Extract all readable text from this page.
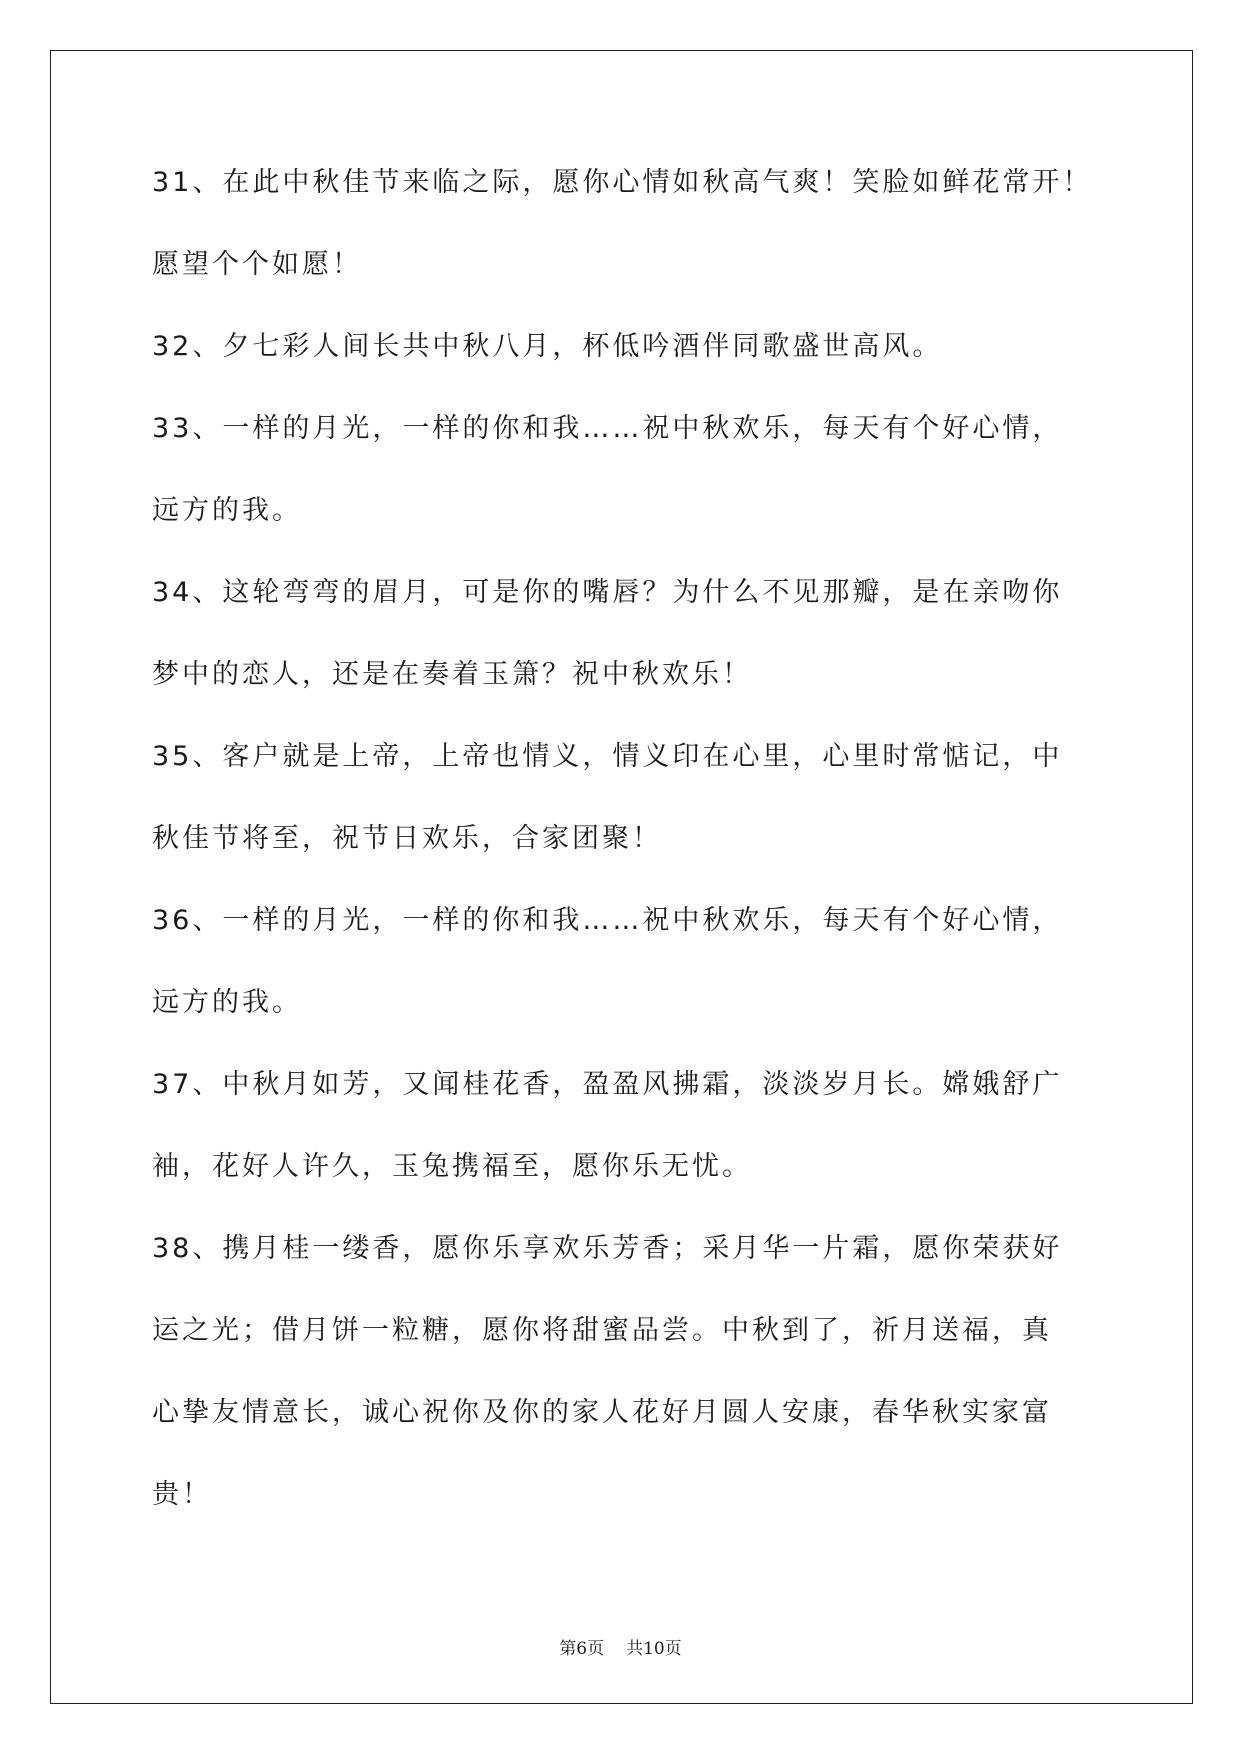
31、在此中秋佳节来临之际，愿你心情如秋高气爽！笑脸如鲜花常开！
愿望个个如愿！
32、夕七彩人间长共中秋八月，杯低吟酒伴同歌盛世高风。
33、一样的月光，一样的你和我……祝中秋欢乐，每天有个好心情，
远方的我。
34、这轮弯弯的眉月，可是你的嘴唇？为什么不见那瓣，是在亲吻你
梦中的恋人，还是在奏着玉箫？祝中秋欢乐！
35、客户就是上帝，上帝也情义，情义印在心里，心里时常惦记，中
秋佳节将至，祝节日欢乐，合家团聚！
36、一样的月光，一样的你和我……祝中秋欢乐，每天有个好心情，
远方的我。
37、中秋月如芳，又闻桂花香，盈盈风拂霜，淡淡岁月长。嫦娥舒广
袖，花好人许久，玉兔携福至，愿你乐无忧。
38、携月桂一缕香，愿你乐享欢乐芳香；采月华一片霜，愿你荣获好
运之光；借月饼一粒糖，愿你将甜蜜品尝。中秋到了，祈月送福，真
心挚友情意长，诚心祝你及你的家人花好月圆人安康，春华秋实家富
贵！
第6页 共10页
